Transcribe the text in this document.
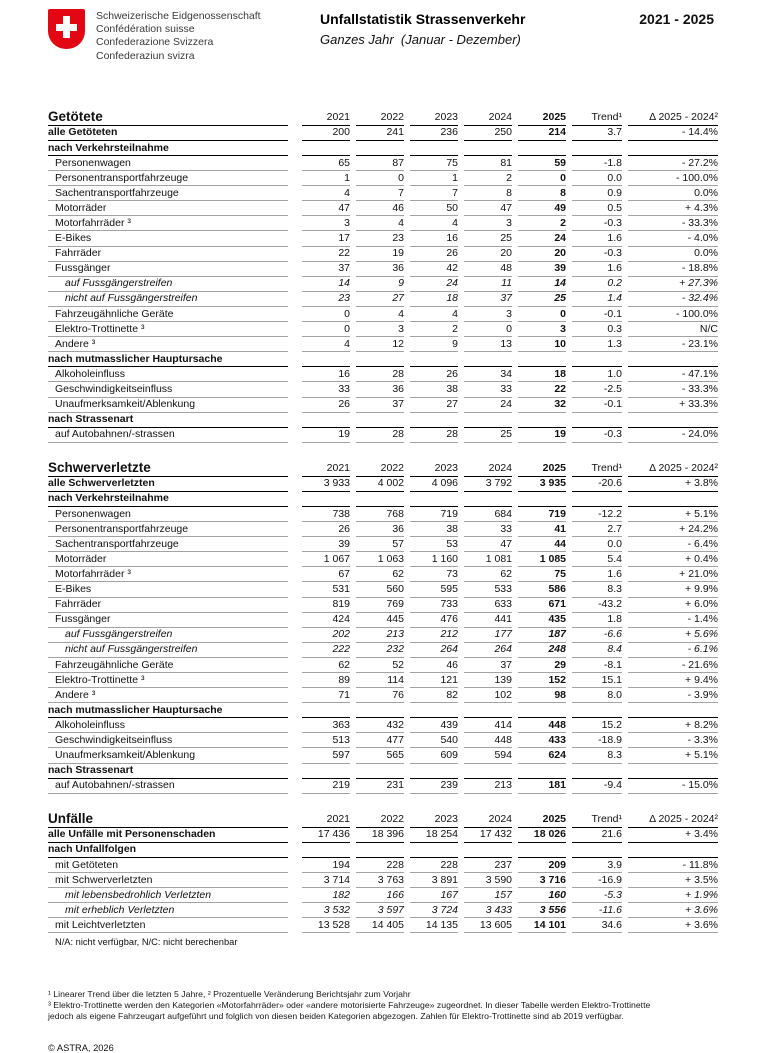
Schweizerische Eidgenossenschaft
Confédération suisse
Confederazione Svizzera
Confederaziun svizra
Unfallstatistik Strassenverkehr
Ganzes Jahr  (Januar - Dezember)
2021 - 2025
Getötete	2021	2022	2023	2024	2025	Trend¹	Δ 2025 - 2024²
alle Getöteten	200	241	236	250	214	3.7	- 14.4%
nach Verkehrsteilnahme
Personenwagen	65	87	75	81	59	-1.8	- 27.2%
Personentransportfahrzeuge	1	0	1	2	0	0.0	- 100.0%
Sachentransportfahrzeuge	4	7	7	8	8	0.9	0.0%
Motorräder	47	46	50	47	49	0.5	+ 4.3%
Motorfahrräder ³	3	4	4	3	2	-0.3	- 33.3%
E-Bikes	17	23	16	25	24	1.6	- 4.0%
Fahrräder	22	19	26	20	20	-0.3	0.0%
Fussgänger	37	36	42	48	39	1.6	- 18.8%
auf Fussgängerstreifen	14	9	24	11	14	0.2	+ 27.3%
nicht auf Fussgängerstreifen	23	27	18	37	25	1.4	- 32.4%
Fahrzeugähnliche Geräte	0	4	4	3	0	-0.1	- 100.0%
Elektro-Trottinette ³	0	3	2	0	3	0.3	N/C
Andere ³	4	12	9	13	10	1.3	- 23.1%
nach mutmasslicher Hauptursache
Alkoholeinfluss	16	28	26	34	18	1.0	- 47.1%
Geschwindigkeitseinfluss	33	36	38	33	22	-2.5	- 33.3%
Unaufmerksamkeit/Ablenkung	26	37	27	24	32	-0.1	+ 33.3%
nach Strassenart
auf Autobahnen/-strassen	19	28	28	25	19	-0.3	- 24.0%
Schwerverletzte	2021	2022	2023	2024	2025	Trend¹	Δ 2025 - 2024²
alle Schwerverletzten	3 933	4 002	4 096	3 792	3 935	-20.6	+ 3.8%
nach Verkehrsteilnahme
Personenwagen	738	768	719	684	719	-12.2	+ 5.1%
Personentransportfahrzeuge	26	36	38	33	41	2.7	+ 24.2%
Sachentransportfahrzeuge	39	57	53	47	44	0.0	- 6.4%
Motorräder	1 067	1 063	1 160	1 081	1 085	5.4	+ 0.4%
Motorfahrräder ³	67	62	73	62	75	1.6	+ 21.0%
E-Bikes	531	560	595	533	586	8.3	+ 9.9%
Fahrräder	819	769	733	633	671	-43.2	+ 6.0%
Fussgänger	424	445	476	441	435	1.8	- 1.4%
auf Fussgängerstreifen	202	213	212	177	187	-6.6	+ 5.6%
nicht auf Fussgängerstreifen	222	232	264	264	248	8.4	- 6.1%
Fahrzeugähnliche Geräte	62	52	46	37	29	-8.1	- 21.6%
Elektro-Trottinette ³	89	114	121	139	152	15.1	+ 9.4%
Andere ³	71	76	82	102	98	8.0	- 3.9%
nach mutmasslicher Hauptursache
Alkoholeinfluss	363	432	439	414	448	15.2	+ 8.2%
Geschwindigkeitseinfluss	513	477	540	448	433	-18.9	- 3.3%
Unaufmerksamkeit/Ablenkung	597	565	609	594	624	8.3	+ 5.1%
nach Strassenart
auf Autobahnen/-strassen	219	231	239	213	181	-9.4	- 15.0%
Unfälle	2021	2022	2023	2024	2025	Trend¹	Δ 2025 - 2024²
alle Unfälle mit Personenschaden	17 436	18 396	18 254	17 432	18 026	21.6	+ 3.4%
nach Unfallfolgen
mit Getöteten	194	228	228	237	209	3.9	- 11.8%
mit Schwerverletzten	3 714	3 763	3 891	3 590	3 716	-16.9	+ 3.5%
mit lebensbedrohlich Verletzten	182	166	167	157	160	-5.3	+ 1.9%
mit erheblich Verletzten	3 532	3 597	3 724	3 433	3 556	-11.6	+ 3.6%
mit Leichtverletzten	13 528	14 405	14 135	13 605	14 101	34.6	+ 3.6%
N/A: nicht verfügbar, N/C: nicht berechenbar
¹ Linearer Trend über die letzten 5 Jahre, ² Prozentuelle Veränderung Berichtsjahr zum Vorjahr
³ Elektro-Trottinette werden den Kategorien «Motorfahrräder» oder «andere motorisierte Fahrzeuge» zugeordnet. In dieser Tabelle werden Elektro-Trottinette
jedoch als eigene Fahrzeugart aufgeführt und folglich von diesen beiden Kategorien abgezogen. Zahlen für Elektro-Trottinette sind ab 2019 verfügbar.
© ASTRA, 2026
